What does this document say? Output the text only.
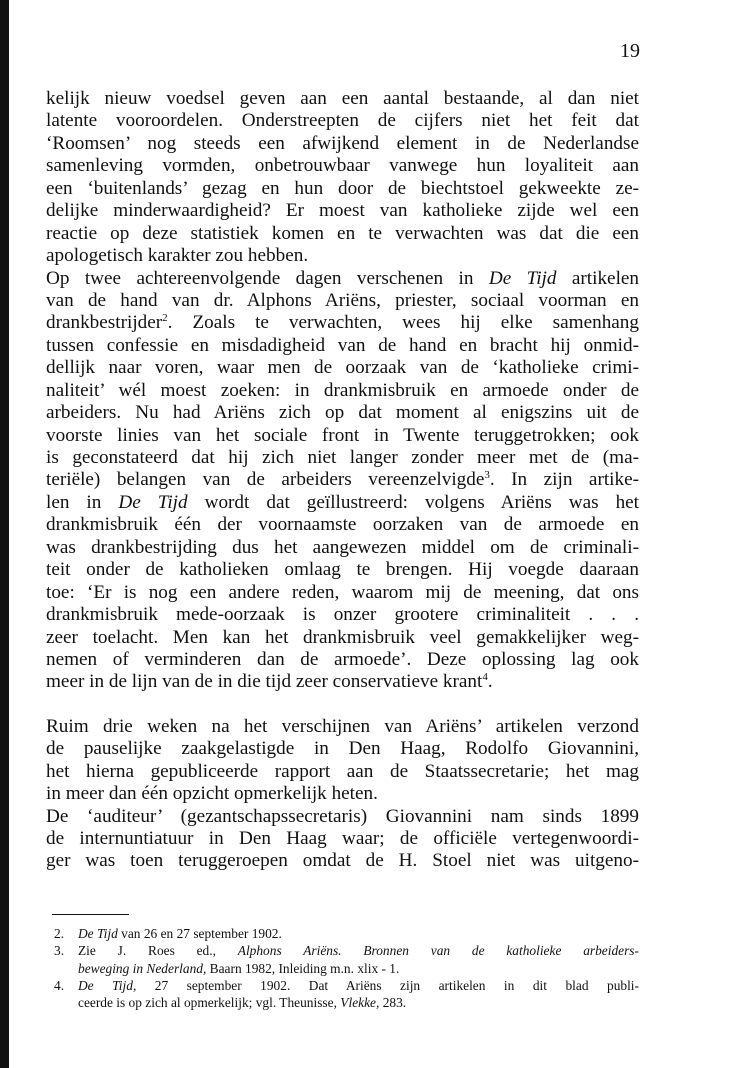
19
kelijk nieuw voedsel geven aan een aantal bestaande, al dan niet
latente vooroordelen. Onderstreepten de cijfers niet het feit dat
‘Roomsen’ nog steeds een afwijkend element in de Nederlandse
samenleving vormden, onbetrouwbaar vanwege hun loyaliteit aan
een ‘buitenlands’ gezag en hun door de biechtstoel gekweekte ze-
delijke minderwaardigheid? Er moest van katholieke zijde wel een
reactie op deze statistiek komen en te verwachten was dat die een
apologetisch karakter zou hebben.
Op twee achtereenvolgende dagen verschenen in De Tijd artikelen
van de hand van dr. Alphons Ariëns, priester, sociaal voorman en
drankbestrijder$^2$. Zoals te verwachten, wees hij elke samenhang
tussen confessie en misdadigheid van de hand en bracht hij onmid-
dellijk naar voren, waar men de oorzaak van de ‘katholieke crimi-
naliteit’ wél moest zoeken: in drankmisbruik en armoede onder de
arbeiders. Nu had Ariëns zich op dat moment al enigszins uit de
voorste linies van het sociale front in Twente teruggetrokken; ook
is geconstateerd dat hij zich niet langer zonder meer met de (ma-
teriële) belangen van de arbeiders vereenzelvigde$^3$. In zijn artike-
len in De Tijd wordt dat geïllustreerd: volgens Ariëns was het
drankmisbruik één der voornaamste oorzaken van de armoede en
was drankbestrijding dus het aangewezen middel om de criminali-
teit onder de katholieken omlaag te brengen. Hij voegde daaraan
toe: ‘Er is nog een andere reden, waarom mij de meening, dat ons
drankmisbruik mede-oorzaak is onzer grootere criminaliteit . . .
zeer toelacht. Men kan het drankmisbruik veel gemakkelijker weg-
nemen of verminderen dan de armoede’. Deze oplossing lag ook
meer in de lijn van de in die tijd zeer conservatieve krant$^4$.
Ruim drie weken na het verschijnen van Ariëns’ artikelen verzond
de pauselijke zaakgelastigde in Den Haag, Rodolfo Giovannini,
het hierna gepubliceerde rapport aan de Staatssecretarie; het mag
in meer dan één opzicht opmerkelijk heten.
De ‘auditeur’ (gezantschapssecretaris) Giovannini nam sinds 1899
de internuntiatuur in Den Haag waar; de officiële vertegenwoordi-
ger was toen teruggeroepen omdat de H. Stoel niet was uitgeno-
2. De Tijd van 26 en 27 september 1902.
3. Zie J. Roes ed., Alphons Ariëns. Bronnen van de katholieke arbeiders-
beweging in Nederland, Baarn 1982, Inleiding m.n. xlix - 1.
4. De Tijd, 27 september 1902. Dat Ariëns zijn artikelen in dit blad publi-
ceerde is op zich al opmerkelijk; vgl. Theunisse, Vlekke, 283.
